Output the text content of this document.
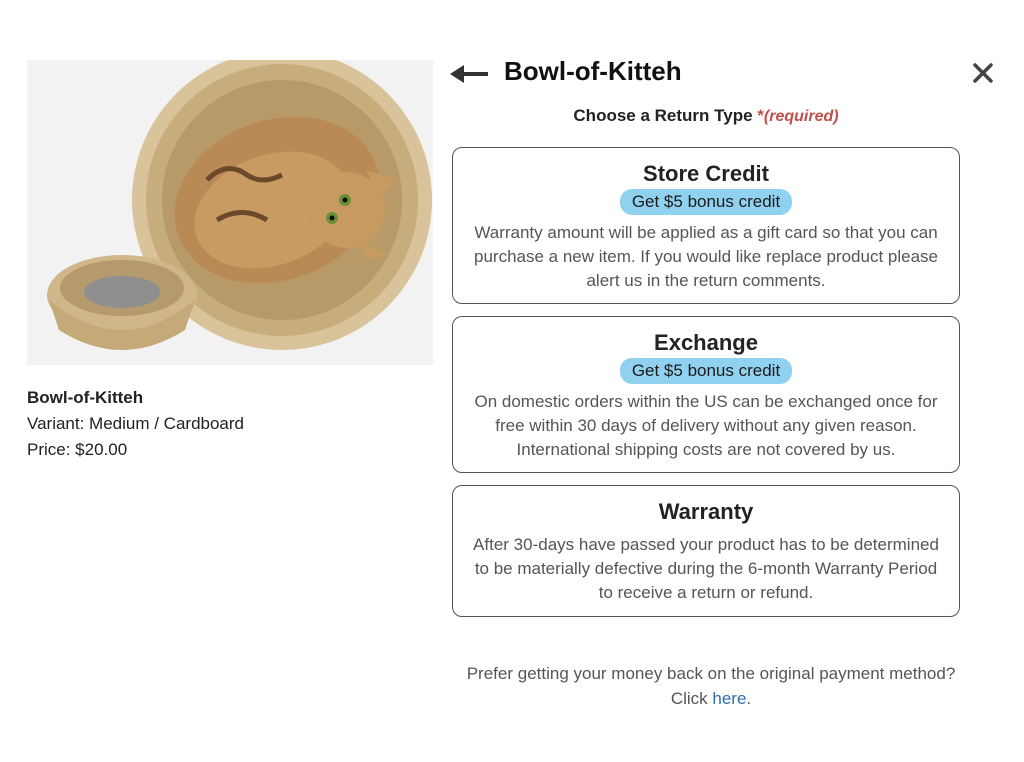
Bowl-of-Kitteh
Variant: Medium / Cardboard
Price: $20.00
Bowl-of-Kitteh
Choose a Return Type *(required)
Store Credit
Get $5 bonus credit
Warranty amount will be applied as a gift card so that you can purchase a new item. If you would like replace product please alert us in the return comments.
Exchange
Get $5 bonus credit
On domestic orders within the US can be exchanged once for free within 30 days of delivery without any given reason. International shipping costs are not covered by us.
Warranty
After 30-days have passed your product has to be determined to be materially defective during the 6-month Warranty Period to receive a return or refund.
Prefer getting your money back on the original payment method? Click here.
